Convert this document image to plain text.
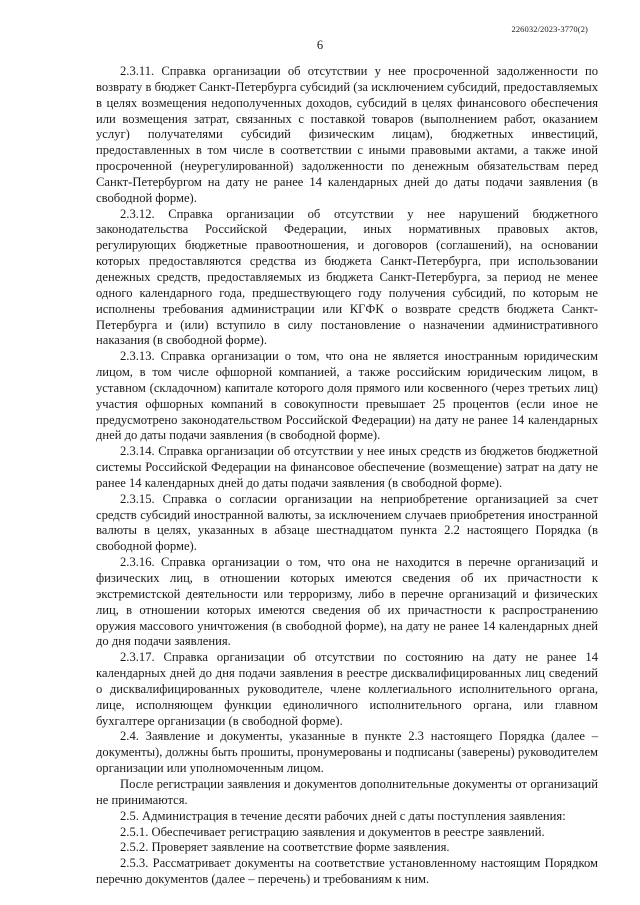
226032/2023-3770(2)
6

2.3.11. Справка организации об отсутствии у нее просроченной задолженности по возврату в бюджет Санкт-Петербурга субсидий (за исключением субсидий, предоставляемых в целях возмещения недополученных доходов, субсидий в целях финансового обеспечения или возмещения затрат, связанных с поставкой товаров (выполнением работ, оказанием услуг) получателями субсидий физическим лицам), бюджетных инвестиций, предоставленных в том числе в соответствии с иными правовыми актами, а также иной просроченной (неурегулированной) задолженности по денежным обязательствам перед Санкт-Петербургом на дату не ранее 14 календарных дней до даты подачи заявления (в свободной форме).

2.3.12. Справка организации об отсутствии у нее нарушений бюджетного законодательства Российской Федерации, иных нормативных правовых актов, регулирующих бюджетные правоотношения, и договоров (соглашений), на основании которых предоставляются средства из бюджета Санкт-Петербурга, при использовании денежных средств, предоставляемых из бюджета Санкт-Петербурга, за период не менее одного календарного года, предшествующего году получения субсидий, по которым не исполнены требования администрации или КГФК о возврате средств бюджета Санкт-Петербурга и (или) вступило в силу постановление о назначении административного наказания (в свободной форме).

2.3.13. Справка организации о том, что она не является иностранным юридическим лицом, в том числе офшорной компанией, а также российским юридическим лицом, в уставном (складочном) капитале которого доля прямого или косвенного (через третьих лиц) участия офшорных компаний в совокупности превышает 25 процентов (если иное не предусмотрено законодательством Российской Федерации) на дату не ранее 14 календарных дней до даты подачи заявления (в свободной форме).

2.3.14. Справка организации об отсутствии у нее иных средств из бюджетов бюджетной системы Российской Федерации на финансовое обеспечение (возмещение) затрат на дату не ранее 14 календарных дней до даты подачи заявления (в свободной форме).

2.3.15. Справка о согласии организации на неприобретение организацией за счет средств субсидий иностранной валюты, за исключением случаев приобретения иностранной валюты в целях, указанных в абзаце шестнадцатом пункта 2.2 настоящего Порядка (в свободной форме).

2.3.16. Справка организации о том, что она не находится в перечне организаций и физических лиц, в отношении которых имеются сведения об их причастности к экстремистской деятельности или терроризму, либо в перечне организаций и физических лиц, в отношении которых имеются сведения об их причастности к распространению оружия массового уничтожения (в свободной форме), на дату не ранее 14 календарных дней до дня подачи заявления.

2.3.17. Справка организации об отсутствии по состоянию на дату не ранее 14 календарных дней до дня подачи заявления в реестре дисквалифицированных лиц сведений о дисквалифицированных руководителе, члене коллегиального исполнительного органа, лице, исполняющем функции единоличного исполнительного органа, или главном бухгалтере организации (в свободной форме).

2.4. Заявление и документы, указанные в пункте 2.3 настоящего Порядка (далее – документы), должны быть прошиты, пронумерованы и подписаны (заверены) руководителем организации или уполномоченным лицом.

После регистрации заявления и документов дополнительные документы от организаций не принимаются.

2.5. Администрация в течение десяти рабочих дней с даты поступления заявления:

2.5.1. Обеспечивает регистрацию заявления и документов в реестре заявлений.

2.5.2. Проверяет заявление на соответствие форме заявления.

2.5.3. Рассматривает документы на соответствие установленному настоящим Порядком перечню документов (далее – перечень) и требованиям к ним.
